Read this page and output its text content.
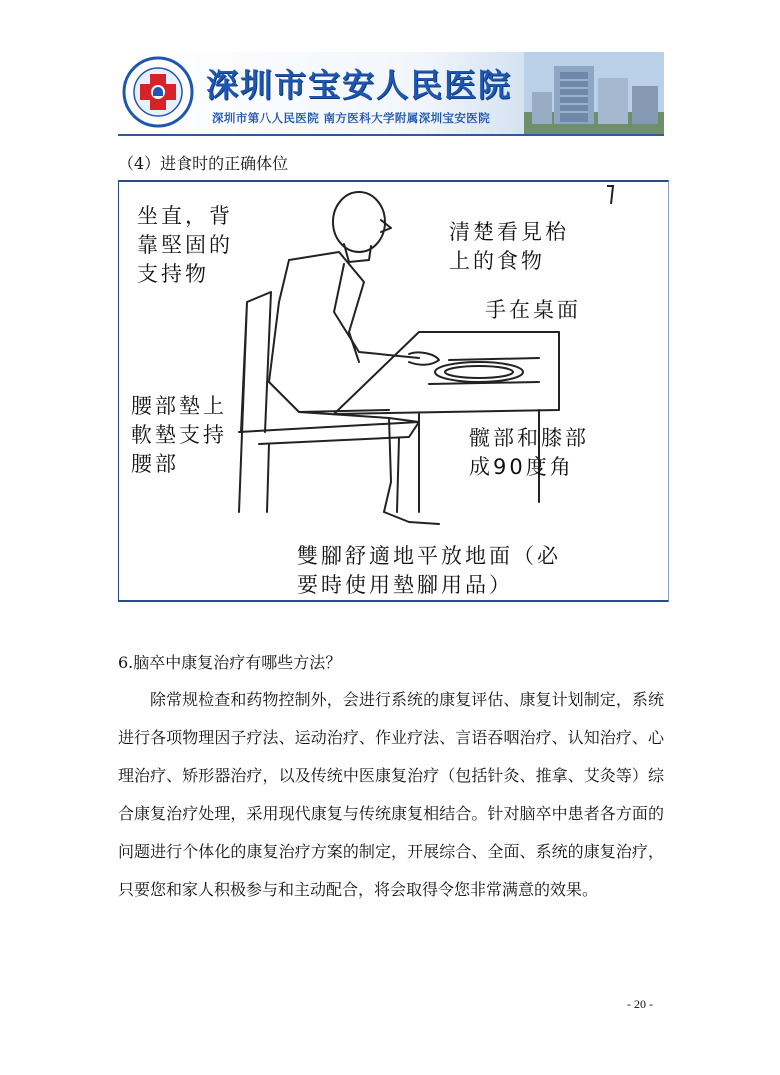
深圳市宝安人民医院
深圳市第八人民医院 南方医科大学附属深圳宝安医院
（4）进食时的正确体位
坐直，背
靠堅固的
支持物
清楚看見枱
上的食物
手在桌面
腰部墊上
軟墊支持
腰部
髋部和膝部
成90度角
雙腳舒適地平放地面（必
要時使用墊腳用品）
6.脑卒中康复治疗有哪些方法？
除常规检查和药物控制外，会进行系统的康复评估、康复计划制定，系统进行各项物理因子疗法、运动治疗、作业疗法、言语吞咽治疗、认知治疗、心理治疗、矫形器治疗，以及传统中医康复治疗（包括针灸、推拿、艾灸等）综合康复治疗处理，采用现代康复与传统康复相结合。针对脑卒中患者各方面的问题进行个体化的康复治疗方案的制定，开展综合、全面、系统的康复治疗，只要您和家人积极参与和主动配合，将会取得令您非常满意的效果。
- 20 -
